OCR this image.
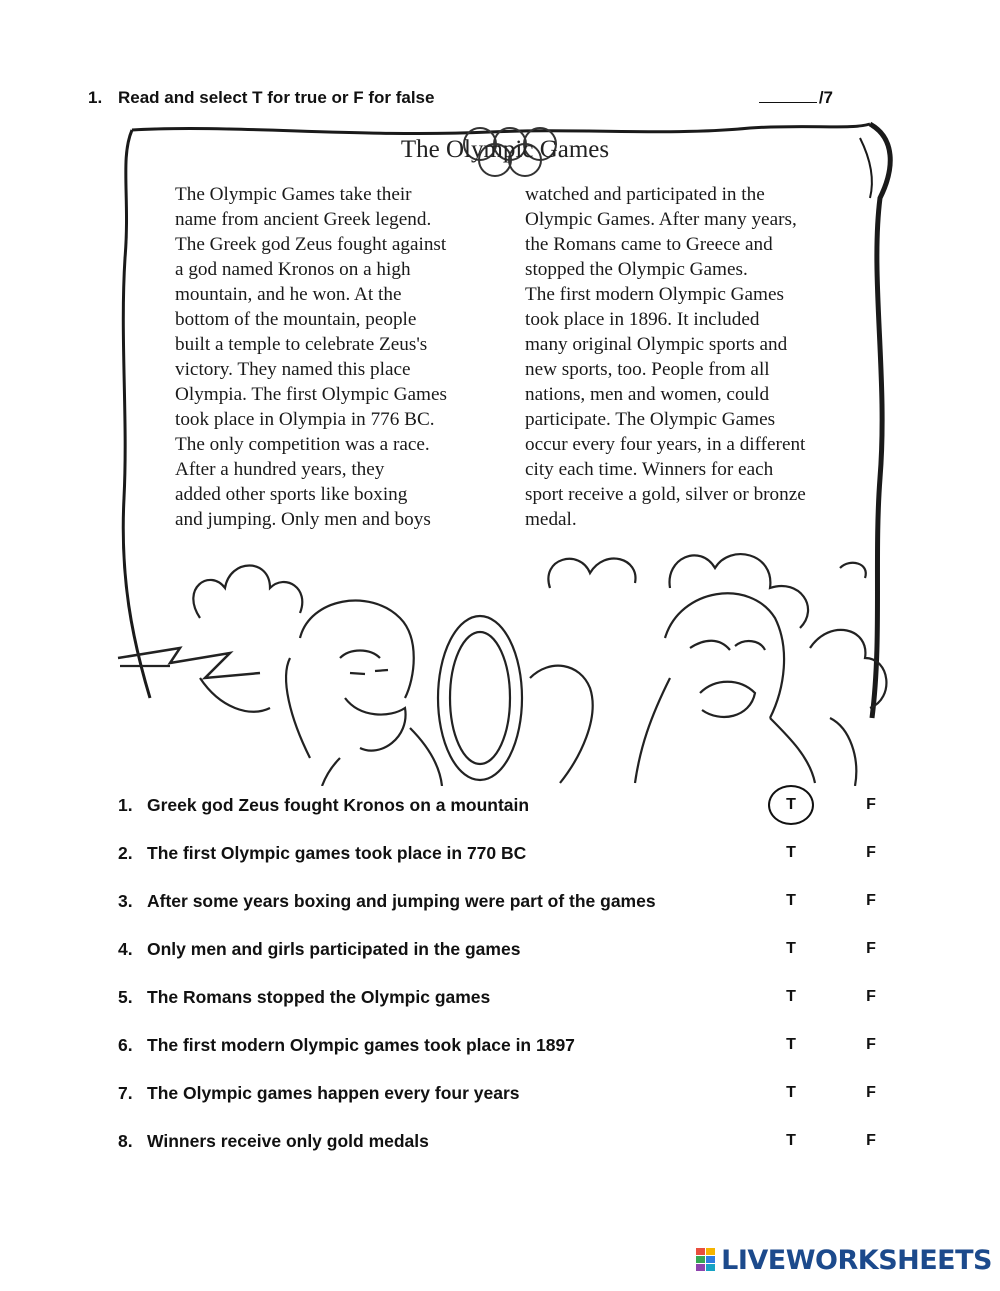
1. Read and select T for true or F for false	/7
The Olympic Games
The Olympic Games take their
name from ancient Greek legend.
The Greek god Zeus fought against
a god named Kronos on a high
mountain, and he won. At the
bottom of the mountain, people
built a temple to celebrate Zeus's
victory. They named this place
Olympia. The first Olympic Games
took place in Olympia in 776 BC.
The only competition was a race.
After a hundred years, they
added other sports like boxing
and jumping. Only men and boys
watched and participated in the
Olympic Games. After many years,
the Romans came to Greece and
stopped the Olympic Games.
The first modern Olympic Games
took place in 1896. It included
many original Olympic sports and
new sports, too. People from all
nations, men and women, could
participate. The Olympic Games
occur every four years, in a different
city each time. Winners for each
sport receive a gold, silver or bronze
medal.
1. Greek god Zeus fought Kronos on a mountain	T	F
2. The first Olympic games took place in 770 BC	T	F
3. After some years boxing and jumping were part of the games	T	F
4. Only men and girls participated in the games	T	F
5. The Romans stopped the Olympic games	T	F
6. The first modern Olympic games took place in 1897	T	F
7. The Olympic games happen every four years	T	F
8. Winners receive only gold medals	T	F
LIVEWORKSHEETS
